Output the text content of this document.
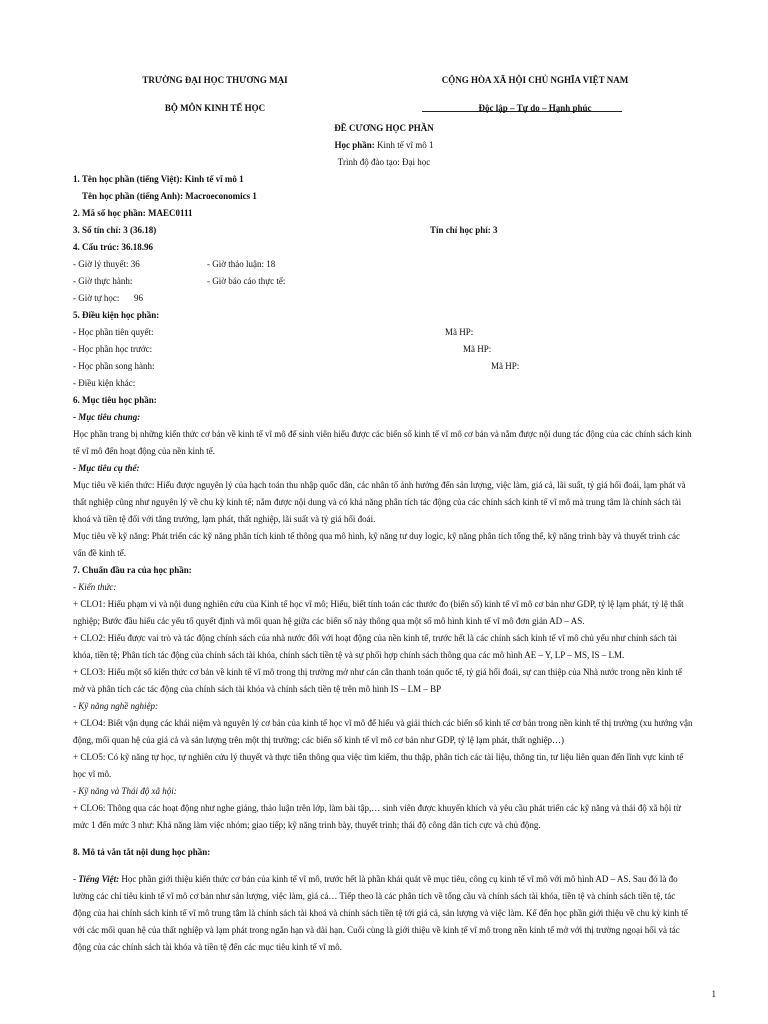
TRƯỜNG ĐẠI HỌC THƯƠNG MẠI
BỘ MÔN KINH TẾ HỌC
CỘNG HÒA XÃ HỘI CHỦ NGHĨA VIỆT NAM
Độc lập – Tự do – Hạnh phúc
ĐỀ CƯƠNG HỌC PHẦN
Học phần: Kinh tế vĩ mô 1
Trình độ đào tạo: Đại học
1. Tên học phần (tiếng Việt): Kinh tế vĩ mô 1
Tên học phần (tiếng Anh): Macroeconomics 1
2. Mã số học phần: MAEC0111
3. Số tín chỉ: 3 (36.18)	Tín chỉ học phí: 3
4. Cấu trúc: 36.18.96
- Giờ lý thuyết: 36	- Giờ thảo luận: 18
- Giờ thực hành:	- Giờ báo cáo thực tế:
- Giờ tự học:	96
5. Điều kiện học phần:
- Học phần tiên quyết:	Mã HP:
- Học phần học trước:	Mã HP:
- Học phần song hành:	Mã HP:
- Điều kiện khác:
6. Mục tiêu học phần:
- Mục tiêu chung:
Học phần trang bị những kiến thức cơ bản về kinh tế vĩ mô để sinh viên hiểu được các biến số kinh tế vĩ mô cơ bản và nắm được nội dung tác động của các chính sách kinh tế vĩ mô đến hoạt động của nền kinh tế.
- Mục tiêu cụ thể:
Mục tiêu về kiến thức: Hiểu được nguyên lý của hạch toán thu nhập quốc dân, các nhân tố ảnh hưởng đến sản lượng, việc làm, giá cả, lãi suất, tỷ giá hối đoái, lạm phát và thất nghiệp cũng như nguyên lý về chu kỳ kinh tế; nắm được nội dung và có khả năng phân tích tác động của các chính sách kinh tế vĩ mô mà trung tâm là chính sách tài khoá và tiền tệ đối với tăng trưởng, lạm phát, thất nghiệp, lãi suất và tỷ giá hối đoái.
Mục tiêu về kỹ năng: Phát triển các kỹ năng phân tích kinh tế thông qua mô hình, kỹ năng tư duy logic, kỹ năng phân tích tổng thể, kỹ năng trình bày và thuyết trình các vấn đề kinh tế.
7. Chuẩn đầu ra của học phần:
- Kiến thức:
+ CLO1: Hiểu phạm vi và nội dung nghiên cứu của Kinh tế học vĩ mô; Hiểu, biết tính toán các thước đo (biến số) kinh tế vĩ mô cơ bản như GDP, tỷ lệ lạm phát, tỷ lệ thất nghiệp; Bước đầu hiểu các yếu tố quyết định và mối quan hệ giữa các biến số này thông qua một số mô hình kinh tế vĩ mô đơn giản AD – AS.
+ CLO2: Hiểu được vai trò và tác động chính sách của nhà nước đối với hoạt động của nền kinh tế, trước hết là các chính sách kinh tế vĩ mô chủ yếu như chính sách tài khóa, tiền tệ; Phân tích tác động của chính sách tài khóa, chính sách tiền tệ và sự phối hợp chính sách thông qua các mô hình AE – Y, LP – MS, IS – LM.
+ CLO3: Hiểu một số kiến thức cơ bản về kinh tế vĩ mô trong thị trường mở như cán cân thanh toán quốc tế, tỷ giá hối đoái, sự can thiệp của Nhà nước trong nền kinh tế mở và phân tích các tác động của chính sách tài khóa và chính sách tiền tệ trên mô hình IS – LM – BP
- Kỹ năng nghề nghiệp:
+ CLO4: Biết vận dụng các khái niệm và nguyên lý cơ bản của kinh tế học vĩ mô để hiểu và giải thích các biến số kinh tế cơ bản trong nền kinh tế thị trường (xu hướng vận động, mối quan hệ của giá cả và sản lượng trên một thị trường; các biến số kinh tế vĩ mô cơ bản như GDP, tỷ lệ lạm phát, thất nghiệp…)
+ CLO5: Có kỹ năng tự học, tự nghiên cứu lý thuyết và thực tiễn thông qua việc tìm kiếm, thu thập, phân tích các tài liệu, thông tin, tư liệu liên quan đến lĩnh vực kinh tế học vĩ mô.
- Kỹ năng và Thái độ xã hội:
+ CLO6: Thông qua các hoạt động như nghe giảng, thảo luận trên lớp, làm bài tập,… sinh viên được khuyến khích và yêu cầu phát triển các kỹ năng và thái độ xã hội từ mức 1 đến mức 3 như: Khả năng làm việc nhóm; giao tiếp; kỹ năng trình bày, thuyết trình; thái độ công dân tích cực và chủ động.
8. Mô tả vắn tắt nội dung học phần:
- Tiếng Việt: Học phần giới thiệu kiến thức cơ bản của kinh tế vĩ mô, trước hết là phần khái quát về mục tiêu, công cụ kinh tế vĩ mô với mô hình AD – AS. Sau đó là đo lường các chỉ tiêu kinh tế vĩ mô cơ bản như sản lượng, việc làm, giá cả… Tiếp theo là các phân tích về tổng cầu và chính sách tài khóa, tiền tệ và chính sách tiền tệ, tác động của hai chính sách kinh tế vĩ mô trung tâm là chính sách tài khoá và chính sách tiền tệ tới giá cả, sản lượng và việc làm. Kế đến học phần giới thiệu về chu kỳ kinh tế với các mối quan hệ của thất nghiệp và lạm phát trong ngắn hạn và dài hạn. Cuối cùng là giới thiệu về kinh tế vĩ mô trong nền kinh tế mở với thị trường ngoại hối và tác động của các chính sách tài khóa và tiền tệ đến các mục tiêu kinh tế vĩ mô.
1
